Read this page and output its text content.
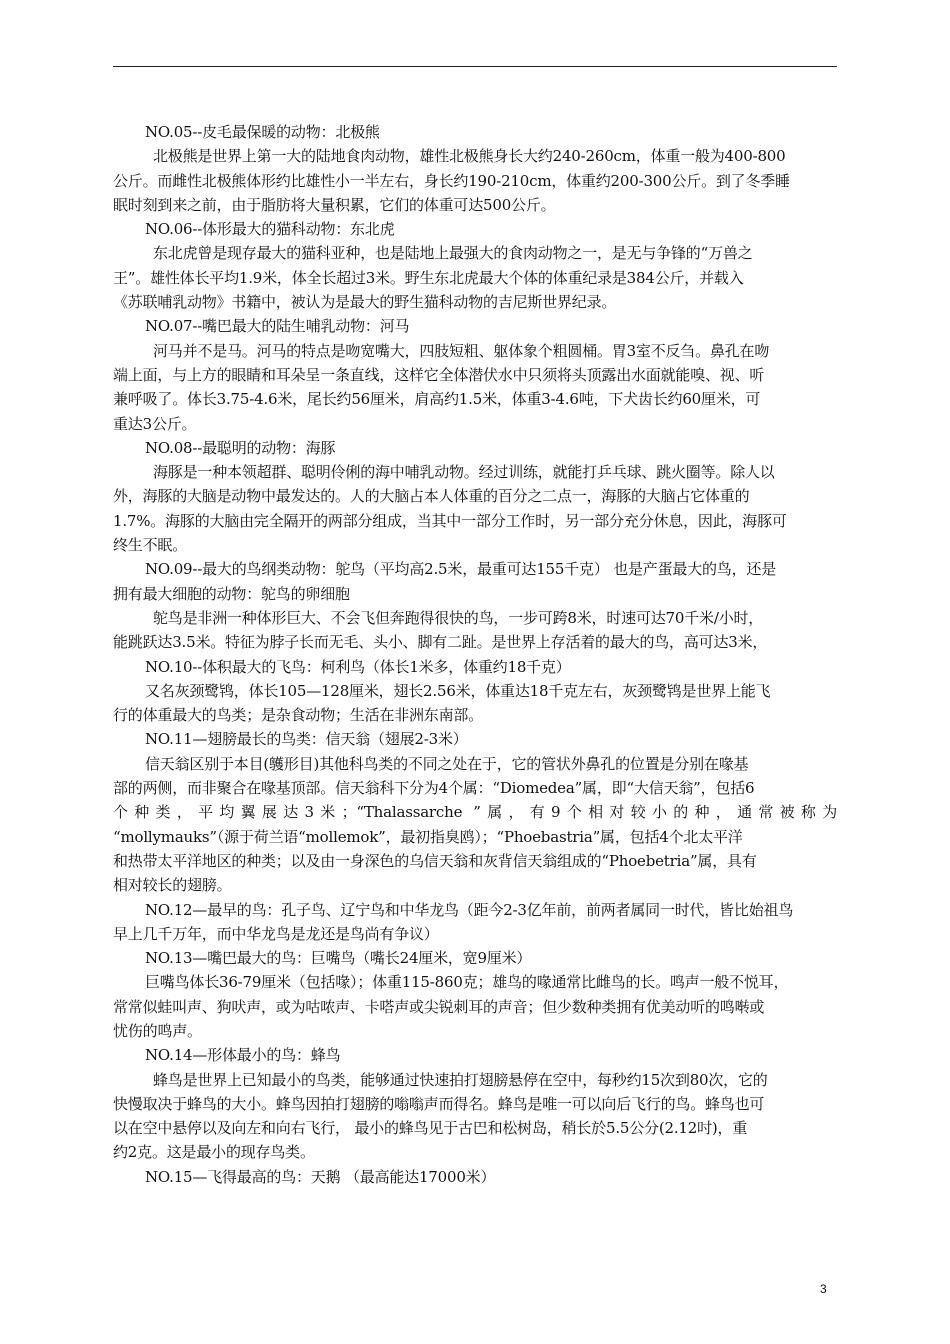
NO.05--皮毛最保暖的动物：北极熊
北极熊是世界上第一大的陆地食肉动物，雄性北极熊身长大约240-260cm，体重一般为400-800
公斤。而雌性北极熊体形约比雄性小一半左右，身长约190-210cm，体重约200-300公斤。到了冬季睡
眠时刻到来之前，由于脂肪将大量积累，它们的体重可达500公斤。
NO.06--体形最大的猫科动物：东北虎
东北虎曾是现存最大的猫科亚种，也是陆地上最强大的食肉动物之一，是无与争锋的“万兽之
王”。雄性体长平均1.9米，体全长超过3米。野生东北虎最大个体的体重纪录是384公斤，并载入
《苏联哺乳动物》书籍中，被认为是最大的野生猫科动物的吉尼斯世界纪录。
NO.07--嘴巴最大的陆生哺乳动物：河马
河马并不是马。河马的特点是吻宽嘴大，四肢短粗、躯体象个粗圆桶。胃3室不反刍。鼻孔在吻
端上面，与上方的眼睛和耳朵呈一条直线，这样它全体潜伏水中只须将头顶露出水面就能嗅、视、听
兼呼吸了。体长3.75-4.6米，尾长约56厘米，肩高约1.5米，体重3-4.6吨，下犬齿长约60厘米，可
重达3公斤。
NO.08--最聪明的动物：海豚
海豚是一种本领超群、聪明伶俐的海中哺乳动物。经过训练，就能打乒乓球、跳火圈等。除人以
外，海豚的大脑是动物中最发达的。人的大脑占本人体重的百分之二点一，海豚的大脑占它体重的
1.7%。海豚的大脑由完全隔开的两部分组成，当其中一部分工作时，另一部分充分休息，因此，海豚可
终生不眠。
NO.09--最大的鸟纲类动物：鸵鸟（平均高2.5米，最重可达155千克） 也是产蛋最大的鸟，还是
拥有最大细胞的动物：鸵鸟的卵细胞
鸵鸟是非洲一种体形巨大、不会飞但奔跑得很快的鸟，一步可跨8米，时速可达70千米/小时，
能跳跃达3.5米。特征为脖子长而无毛、头小、脚有二趾。是世界上存活着的最大的鸟，高可达3米，
NO.10--体积最大的飞鸟：柯利鸟（体长1米多，体重约18千克）
又名灰颈鹭鸨，体长105—128厘米，翅长2.56米，体重达18千克左右，灰颈鹭鸨是世界上能飞
行的体重最大的鸟类；是杂食动物；生活在非洲东南部。
NO.11—翅膀最长的鸟类：信天翁（翅展2-3米）
信天翁区别于本目(鹱形目)其他科鸟类的不同之处在于，它的管状外鼻孔的位置是分别在喙基
部的两侧，而非聚合在喙基顶部。信天翁科下分为4个属：“Diomedea”属，即“大信天翁”，包括6
个种类，平均翼展达3米；“Thalassarche ”属，有9个相对较小的种，通常被称为
“mollymauks”（源于荷兰语“mollemok”，最初指臭鸥）；“Phoebastria”属，包括4个北太平洋
和热带太平洋地区的种类；以及由一身深色的乌信天翁和灰背信天翁组成的“Phoebetria”属，具有
相对较长的翅膀。
NO.12—最早的鸟：孔子鸟、辽宁鸟和中华龙鸟（距今2-3亿年前，前两者属同一时代，皆比始祖鸟
早上几千万年，而中华龙鸟是龙还是鸟尚有争议）
NO.13—嘴巴最大的鸟：巨嘴鸟（嘴长24厘米，宽9厘米）
巨嘴鸟体长36-79厘米（包括喙）；体重115-860克；雄鸟的喙通常比雌鸟的长。鸣声一般不悦耳，
常常似蛙叫声、狗吠声，或为咕哝声、卡嗒声或尖锐刺耳的声音；但少数种类拥有优美动听的鸣啭或
忧伤的鸣声。
NO.14—形体最小的鸟：蜂鸟
蜂鸟是世界上已知最小的鸟类，能够通过快速拍打翅膀悬停在空中，每秒约15次到80次，它的
快慢取决于蜂鸟的大小。蜂鸟因拍打翅膀的嗡嗡声而得名。蜂鸟是唯一可以向后飞行的鸟。蜂鸟也可
以在空中悬停以及向左和向右飞行， 最小的蜂鸟见于古巴和松树岛，稍长於5.5公分(2.12吋)，重
约2克。这是最小的现存鸟类。
NO.15—飞得最高的鸟：天鹅 （最高能达17000米）
3
